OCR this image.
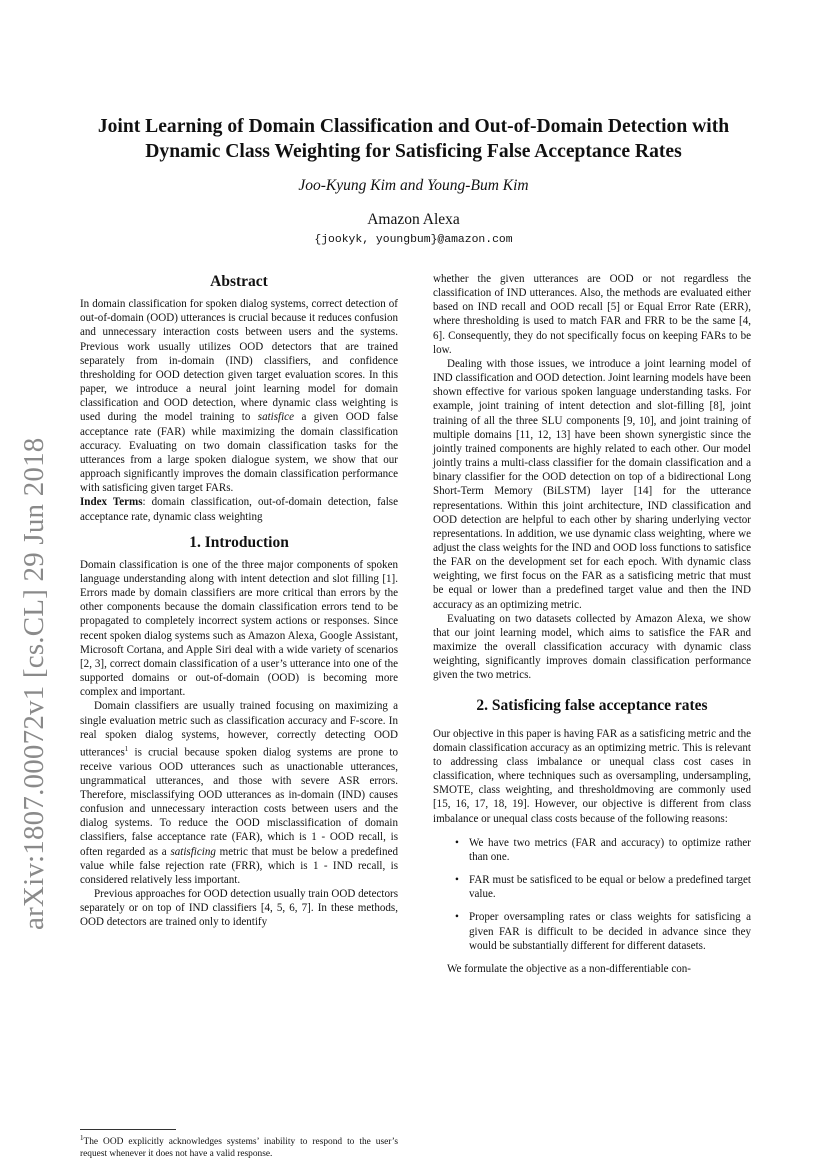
arXiv:1807.00072v1 [cs.CL] 29 Jun 2018
Joint Learning of Domain Classification and Out-of-Domain Detection with
Dynamic Class Weighting for Satisficing False Acceptance Rates
Joo-Kyung Kim and Young-Bum Kim
Amazon Alexa
{jookyk, youngbum}@amazon.com
Abstract

In domain classification for spoken dialog systems, correct detection of out-of-domain (OOD) utterances is crucial because it reduces confusion and unnecessary interaction costs between users and the systems. Previous work usually utilizes OOD detectors that are trained separately from in-domain (IND) classifiers, and confidence thresholding for OOD detection given target evaluation scores. In this paper, we introduce a neural joint learning model for domain classification and OOD detection, where dynamic class weighting is used during the model training to satisfice a given OOD false acceptance rate (FAR) while maximizing the domain classification accuracy. Evaluating on two domain classification tasks for the utterances from a large spoken dialogue system, we show that our approach significantly improves the domain classification performance with satisficing given target FARs.

Index Terms: domain classification, out-of-domain detection, false acceptance rate, dynamic class weighting

1. Introduction

Domain classification is one of the three major components of spoken language understanding along with intent detection and slot filling [1]. Errors made by domain classifiers are more critical than errors by the other components because the domain classification errors tend to be propagated to completely incorrect system actions or responses. Since recent spoken dialog systems such as Amazon Alexa, Google Assistant, Microsoft Cortana, and Apple Siri deal with a wide variety of scenarios [2, 3], correct domain classification of a user’s utterance into one of the supported domains or out-of-domain (OOD) is becoming more complex and important.

Domain classifiers are usually trained focusing on maximizing a single evaluation metric such as classification accuracy and F-score. In real spoken dialog systems, however, correctly detecting OOD utterances$^1$ is crucial because spoken dialog systems are prone to receive various OOD utterances such as unactionable utterances, ungrammatical utterances, and those with severe ASR errors. Therefore, misclassifying OOD utterances as in-domain (IND) causes confusion and unnecessary interaction costs between users and the dialog systems. To reduce the OOD misclassification of domain classifiers, false acceptance rate (FAR), which is 1 - OOD recall, is often regarded as a satisficing metric that must be below a predefined value while false rejection rate (FRR), which is 1 - IND recall, is considered relatively less important.

Previous approaches for OOD detection usually train OOD detectors separately or on top of IND classifiers [4, 5, 6, 7]. In these methods, OOD detectors are trained only to identify

$^1$The OOD explicitly acknowledges systems’ inability to respond to the user’s request whenever it does not have a valid response.

whether the given utterances are OOD or not regardless the classification of IND utterances. Also, the methods are evaluated either based on IND recall and OOD recall [5] or Equal Error Rate (ERR), where thresholding is used to match FAR and FRR to be the same [4, 6]. Consequently, they do not specifically focus on keeping FARs to be low.

Dealing with those issues, we introduce a joint learning model of IND classification and OOD detection. Joint learning models have been shown effective for various spoken language understanding tasks. For example, joint training of intent detection and slot-filling [8], joint training of all the three SLU components [9, 10], and joint training of multiple domains [11, 12, 13] have been shown synergistic since the jointly trained components are highly related to each other. Our model jointly trains a multi-class classifier for the domain classification and a binary classifier for the OOD detection on top of a bidirectional Long Short-Term Memory (BiLSTM) layer [14] for the utterance representations. Within this joint architecture, IND classification and OOD detection are helpful to each other by sharing underlying vector representations. In addition, we use dynamic class weighting, where we adjust the class weights for the IND and OOD loss functions to satisfice the FAR on the development set for each epoch. With dynamic class weighting, we first focus on the FAR as a satisficing metric that must be equal or lower than a predefined target value and then the IND accuracy as an optimizing metric.

Evaluating on two datasets collected by Amazon Alexa, we show that our joint learning model, which aims to satisfice the FAR and maximize the overall classification accuracy with dynamic class weighting, significantly improves domain classification performance given the two metrics.

2. Satisficing false acceptance rates

Our objective in this paper is having FAR as a satisficing metric and the domain classification accuracy as an optimizing metric. This is relevant to addressing class imbalance or unequal class cost cases in classification, where techniques such as oversampling, undersampling, SMOTE, class weighting, and thresholdmoving are commonly used [15, 16, 17, 18, 19]. However, our objective is different from class imbalance or unequal class costs because of the following reasons:

• We have two metrics (FAR and accuracy) to optimize rather than one.
• FAR must be satisficed to be equal or below a predefined target value.
• Proper oversampling rates or class weights for satisficing a given FAR is difficult to be decided in advance since they would be substantially different for different datasets.

We formulate the objective as a non-differentiable con-
